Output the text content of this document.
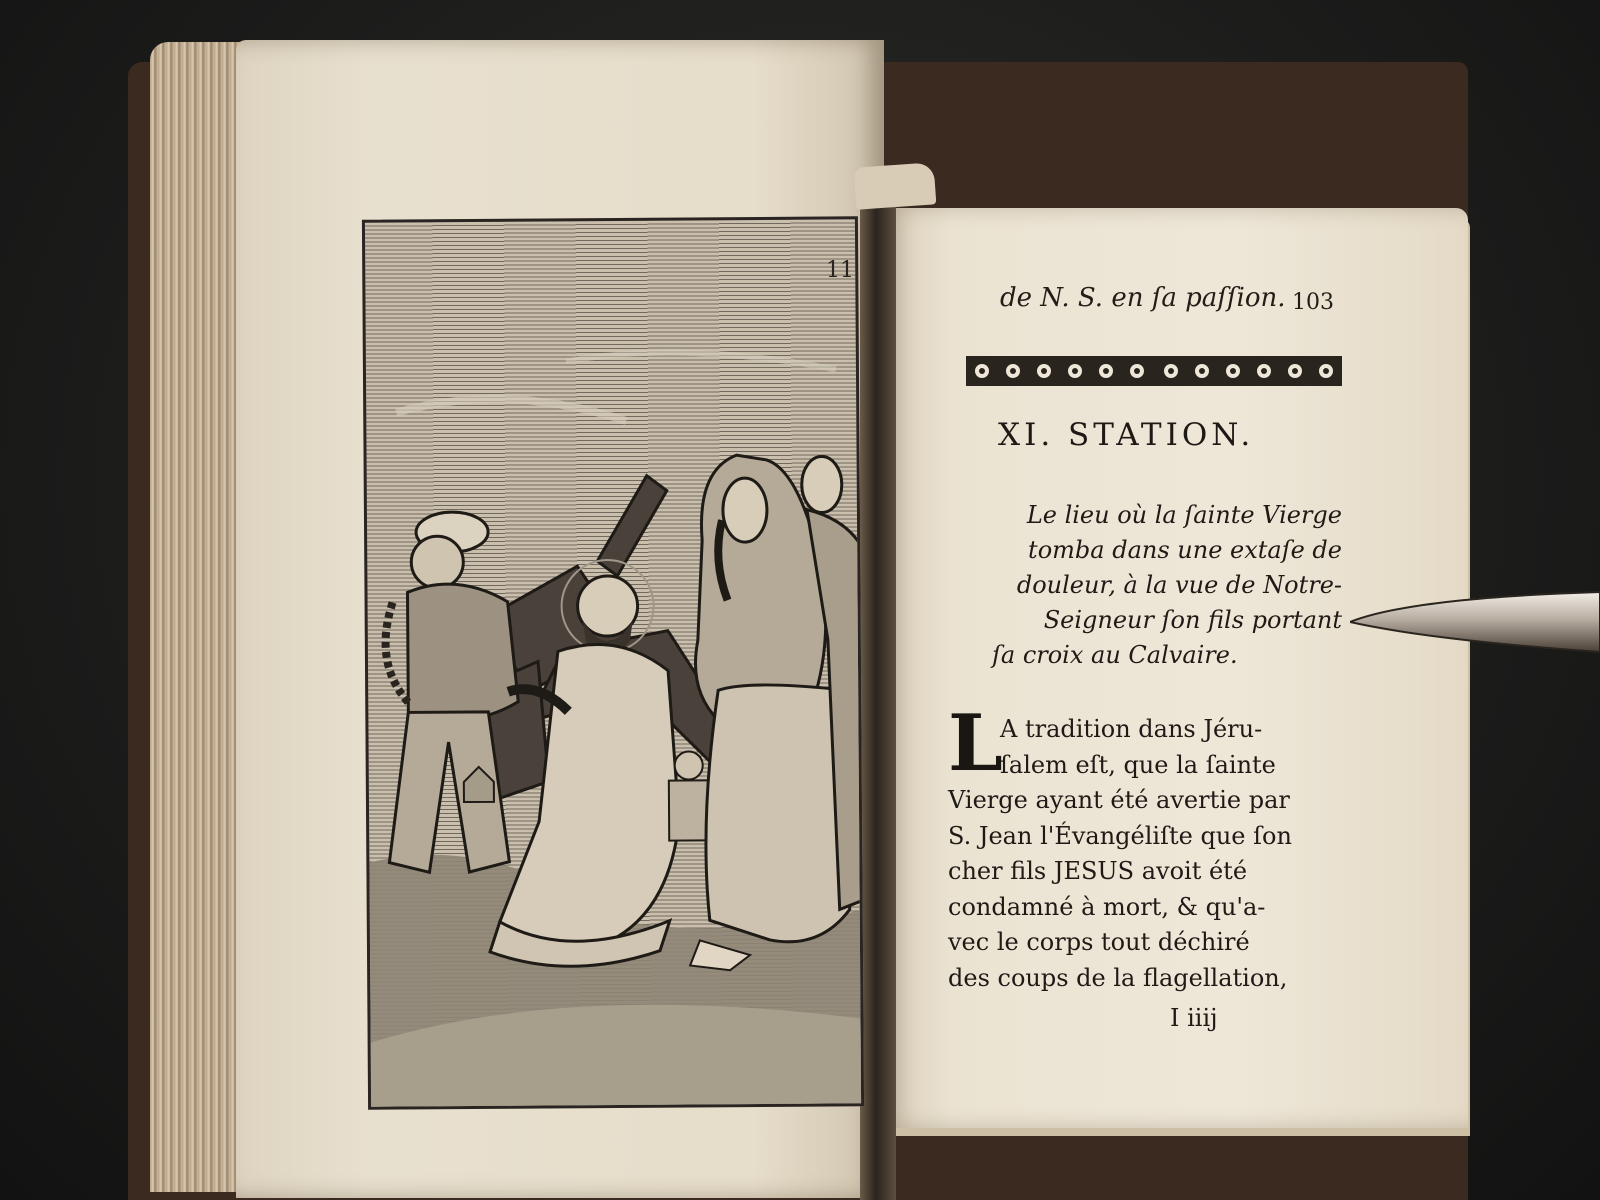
11
de N. S. en ſa paſſion. 103
XI. STATION.
Le lieu où la ſainte Vierge
tomba dans une extaſe de
douleur, à la vue de Notre-
Seigneur ſon fils portant
ſa croix au Calvaire.
L
A tradition dans Jéru-
ſalem eſt, que la ſainte
Vierge ayant été avertie par
S. Jean l'Évangéliſte que ſon
cher fils JESUS avoit été
condamné à mort, & qu'a-
vec le corps tout déchiré
des coups de la flagellation,
I iiij
